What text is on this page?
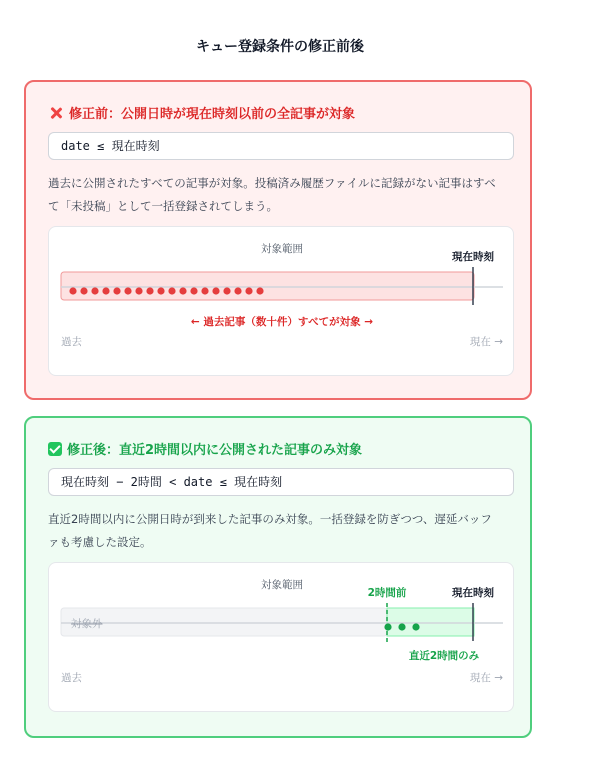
キュー登録条件の修正前後
修正前：公開日時が現在時刻以前の全記事が対象
date ≤ 現在時刻
過去に公開されたすべての記事が対象。投稿済み履歴ファイルに記録がない記事はすべ
て「未投稿」として一括登録されてしまう。
対象範囲
現在時刻
← 過去記事（数十件）すべてが対象 →
過去	現在 →
修正後：直近2時間以内に公開された記事のみ対象
現在時刻 − 2時間 < date ≤ 現在時刻
直近2時間以内に公開日時が到来した記事のみ対象。一括登録を防ぎつつ、遅延バッフ
ァも考慮した設定。
対象範囲
2時間前	現在時刻
対象外
直近2時間のみ
過去	現在 →
